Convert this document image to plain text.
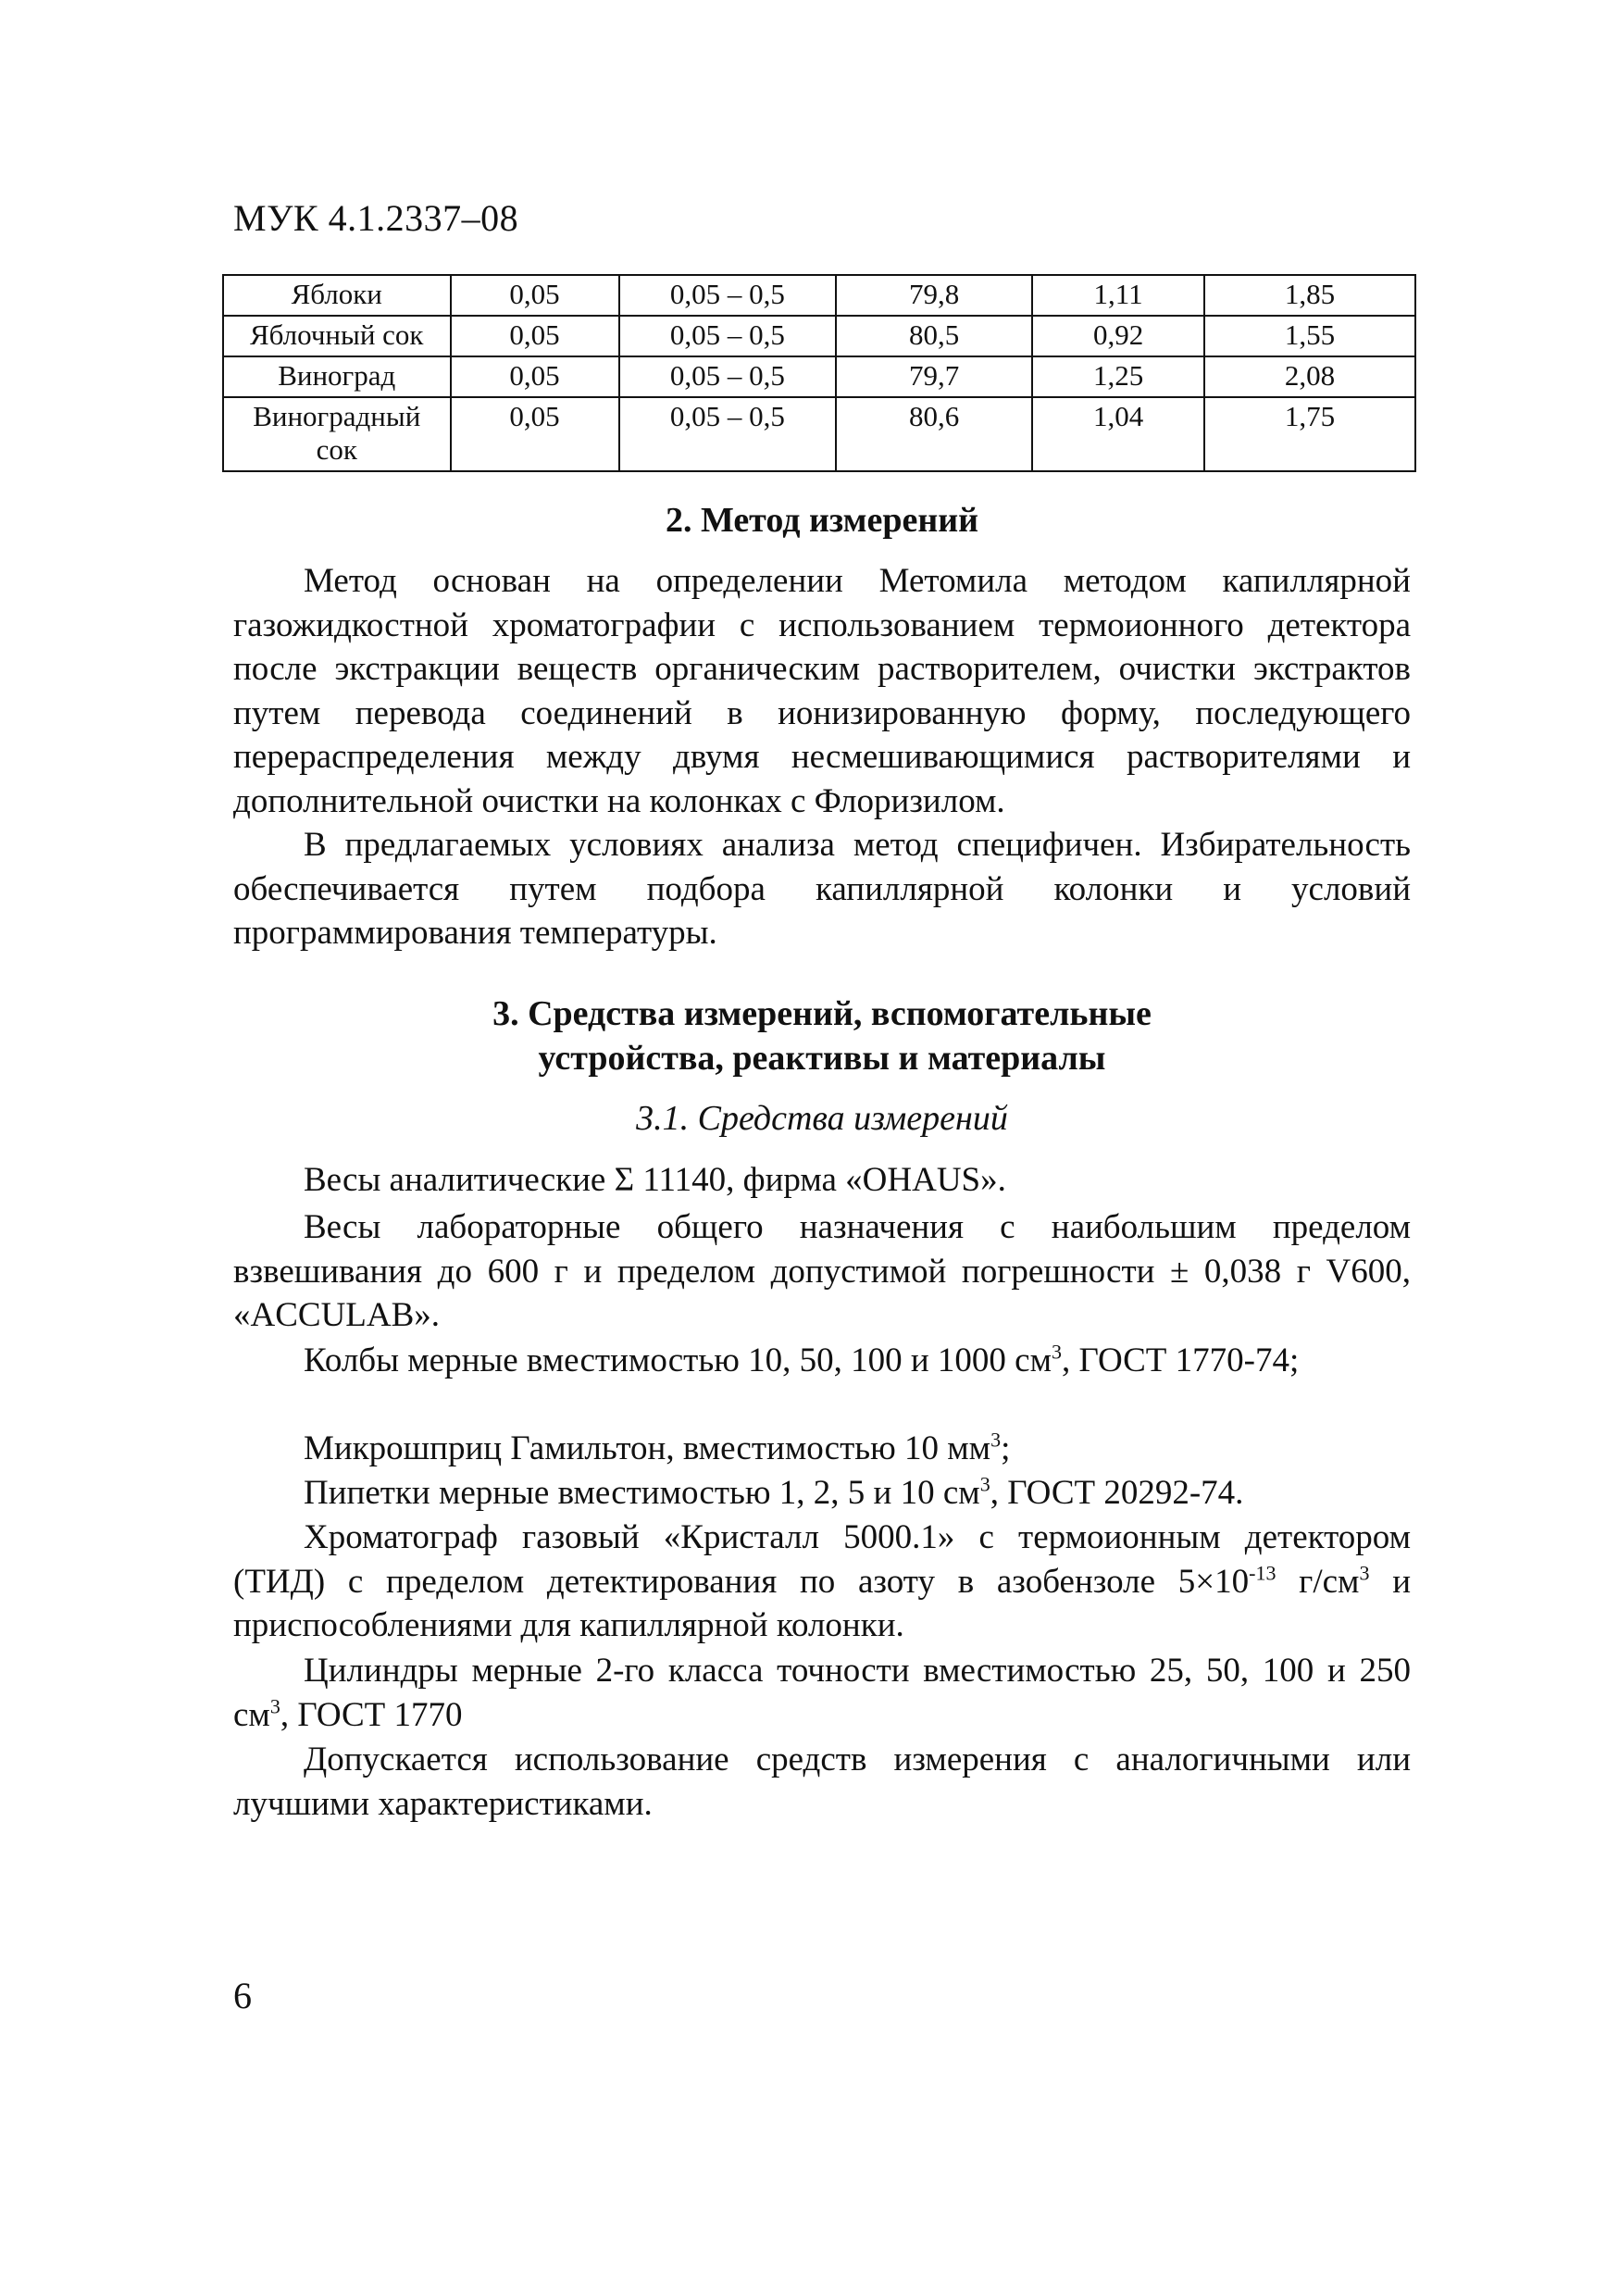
МУК 4.1.2337–08
Яблоки	0,05	0,05 – 0,5	79,8	1,11	1,85
Яблочный сок	0,05	0,05 – 0,5	80,5	0,92	1,55
Виноград	0,05	0,05 – 0,5	79,7	1,25	2,08
Виноградный сок	0,05	0,05 – 0,5	80,6	1,04	1,75
2. Метод измерений

Метод основан на определении Метомила методом капиллярной газожидкостной хроматографии с использованием термоионного детектора после экстракции веществ органическим растворителем, очистки экстрактов путем перевода соединений в ионизированную форму, последующего перераспределения между двумя несмешивающимися растворителями и дополнительной очистки на колонках с Флоризилом.

В предлагаемых условиях анализа метод специфичен. Избирательность обеспечивается путем подбора капиллярной колонки и условий программирования температуры.

3. Средства измерений, вспомогательные
устройства, реактивы и материалы
3.1. Средства измерений

Весы аналитические Σ 11140, фирма «OHAUS».

Весы лабораторные общего назначения с наибольшим пределом взвешивания до 600 г и пределом допустимой погрешности ± 0,038 г V600, «ACCULAB».

Колбы мерные вместимостью 10, 50, 100 и 1000 $см^3$, ГОСТ 1770-74;

Микрошприц Гамильтон, вместимостью 10 $мм^3$;

Пипетки мерные вместимостью 1, 2, 5 и 10 $см^3$, ГОСТ 20292-74.

Хроматограф газовый «Кристалл 5000.1» с термоионным детектором (ТИД) с пределом детектирования по азоту в азобензоле $5\times 10^{-13}$ $г/см^3$ и приспособлениями для капиллярной колонки.

Цилиндры мерные 2-го класса точности вместимостью 25, 50, 100 и 250 $см^3$, ГОСТ 1770

Допускается использование средств измерения с аналогичными или лучшими характеристиками.

6
